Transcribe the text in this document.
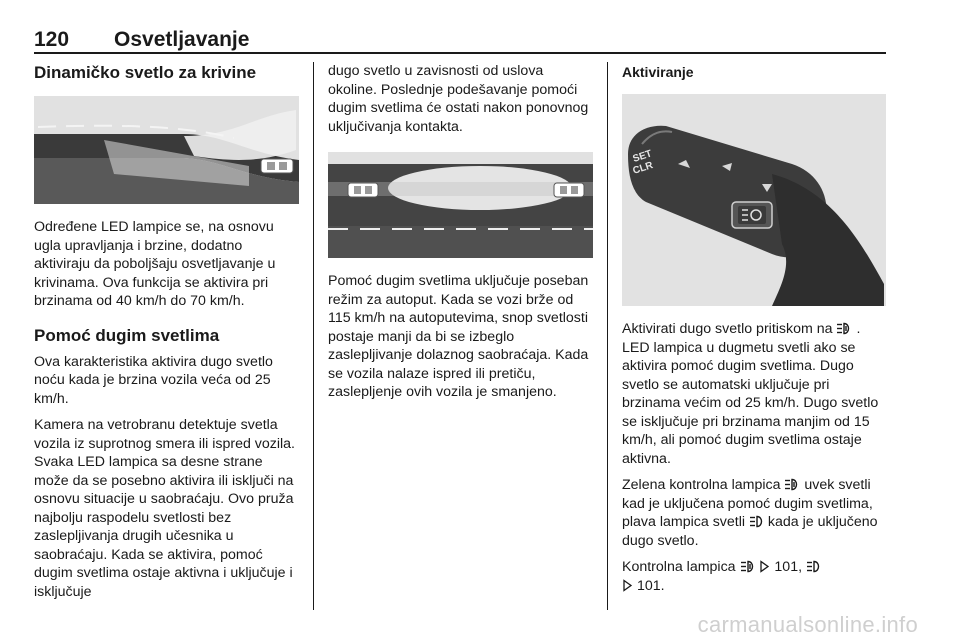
120 Osvetljavanje
Dinamičko svetlo za krivine

Određene LED lampice se, na osnovu ugla upravljanja i brzine, dodatno aktiviraju da poboljšaju osvetljavanje u krivinama. Ova funkcija se aktivira pri brzinama od 40 km/h do 70 km/h.

Pomoć dugim svetlima

Ova karakteristika aktivira dugo svetlo noću kada je brzina vozila veća od 25 km/h.

Kamera na vetrobranu detektuje svetla vozila iz suprotnog smera ili ispred vozila. Svaka LED lampica sa desne strane može da se posebno aktivira ili isključi na osnovu situacije u saobraćaju. Ovo pruža najbolju raspodelu svetlosti bez zaslepljivanja drugih učesnika u saobraćaju. Kada se aktivira, pomoć dugim svetlima ostaje aktivna i uključuje i isključuje

dugo svetlo u zavisnosti od uslova okoline. Poslednje podešavanje pomoći dugim svetlima će ostati nakon ponovnog uključivanja kontakta.

Pomoć dugim svetlima uključuje poseban režim za autoput. Kada se vozi brže od 115 km/h na autoputevima, snop svetlosti postaje manji da bi se izbeglo zaslepljivanje dolaznog saobraćaja. Kada se vozila nalaze ispred ili pretiču, zaslepljenje ovih vozila je smanjeno.

Aktiviranje
SET
CLR

Aktivirati dugo svetlo pritiskom na  . LED lampica u dugmetu svetli ako se aktivira pomoć dugim svetlima. Dugo svetlo se automatski uključuje pri brzinama većim od 25 km/h. Dugo svetlo se isključuje pri brzinama manjim od 15 km/h, ali pomoć dugim svetlima ostaje aktivna.

Zelena kontrolna lampica  uvek svetli kad je uključena pomoć dugim svetlima, plava lampica svetli  kada je uključeno dugo svetlo.

Kontrolna lampica   101,
101.

carmanualsonline.info
